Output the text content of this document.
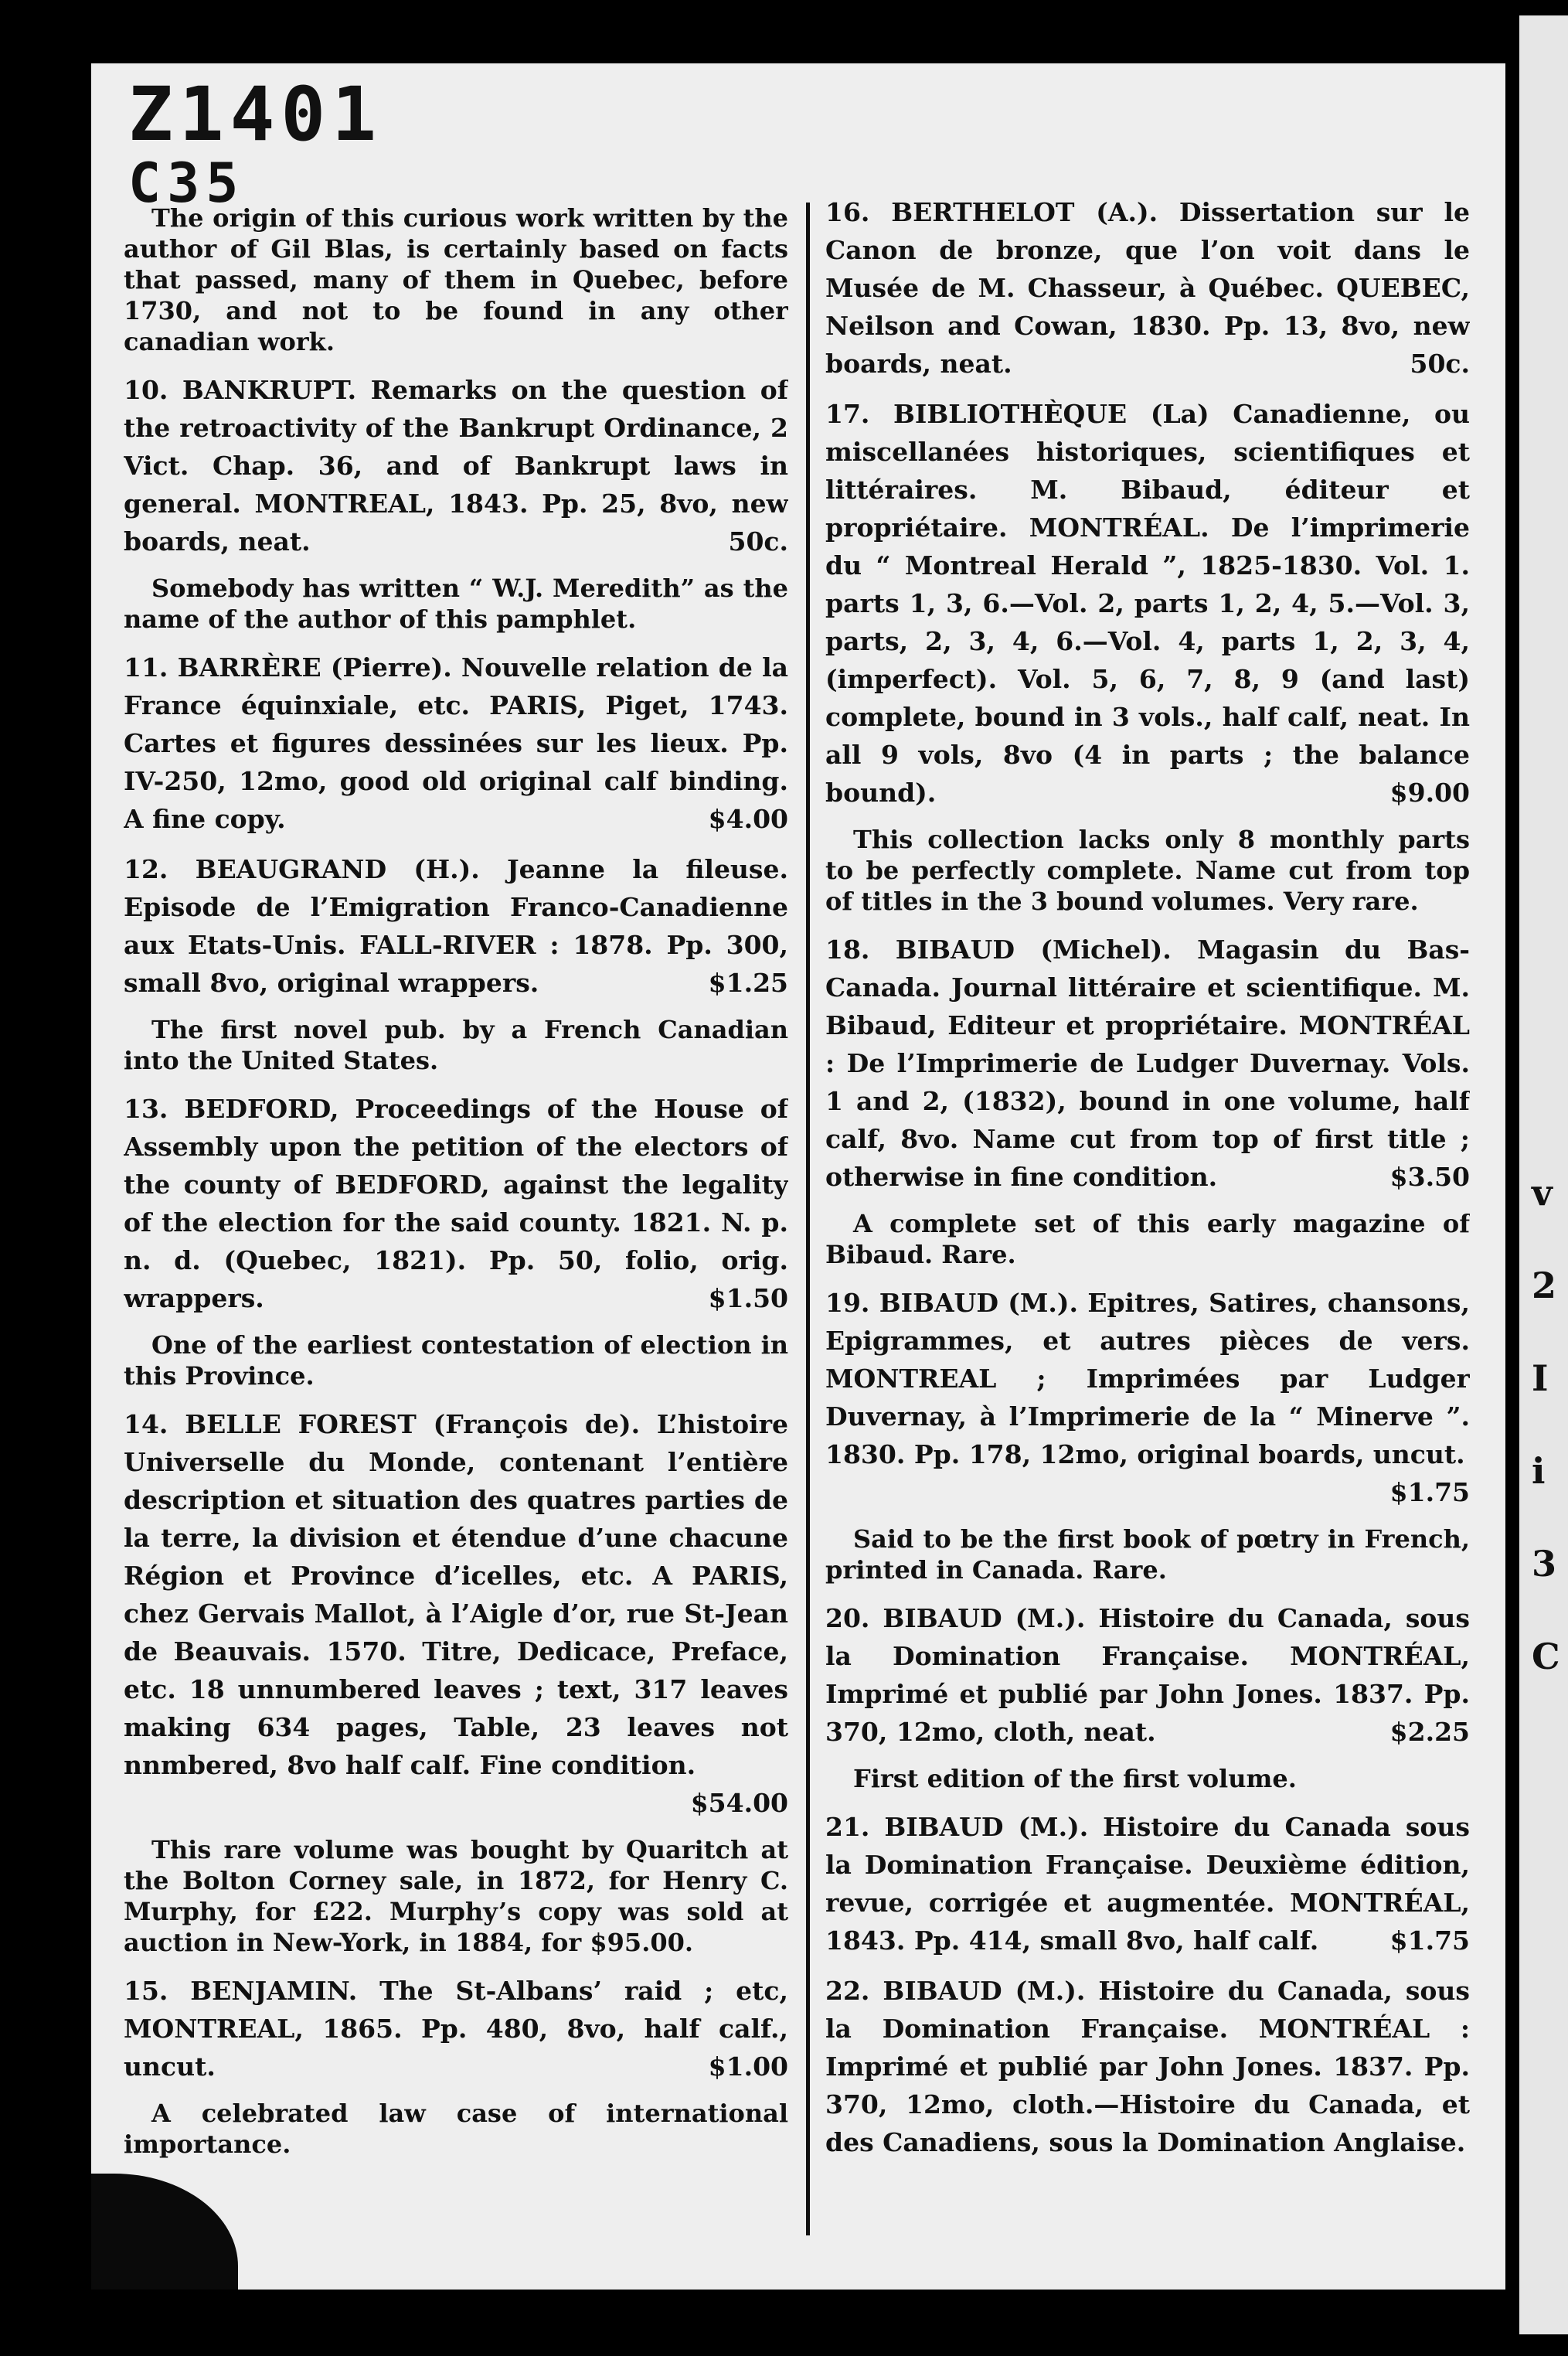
Z1401
C35
The origin of this curious work written by the author of Gil Blas, is certainly based on facts that passed, many of them in Quebec, before 1730, and not to be found in any other canadian work.
10. BANKRUPT. Remarks on the question of the retroactivity of the Bankrupt Ordinance, 2 Vict. Chap. 36, and of Bankrupt laws in general. MONTREAL, 1843. Pp. 25, 8vo, new boards, neat.	50c.
Somebody has written “ W.J. Meredith” as the name of the author of this pamphlet.
11. BARRÈRE (Pierre). Nouvelle relation de la France équinxiale, etc. PARIS, Piget, 1743. Cartes et figures dessinées sur les lieux. Pp. IV-250, 12mo, good old original calf binding. A fine copy.	$4.00
12. BEAUGRAND (H.). Jeanne la fileuse. Episode de l’Emigration Franco-Canadienne aux Etats-Unis. FALL-RIVER : 1878. Pp. 300, small 8vo, original wrappers.	$1.25
The first novel pub. by a French Canadian into the United States.
13. BEDFORD, Proceedings of the House of Assembly upon the petition of the electors of the county of BEDFORD, against the legality of the election for the said county. 1821. N. p. n. d. (Quebec, 1821). Pp. 50, folio, orig. wrappers.	$1.50
One of the earliest contestation of election in this Province.
14. BELLE FOREST (François de). L’histoire Universelle du Monde, contenant l’entière description et situation des quatres parties de la terre, la division et étendue d’une chacune Région et Province d’icelles, etc. A PARIS, chez Gervais Mallot, à l’Aigle d’or, rue St-Jean de Beauvais. 1570. Titre, Dedicace, Preface, etc. 18 unnumbered leaves ; text, 317 leaves making 634 pages, Table, 23 leaves not nnmbered, 8vo half calf. Fine condition.
$54.00
This rare volume was bought by Quaritch at the Bolton Corney sale, in 1872, for Henry C. Murphy, for £22. Murphy’s copy was sold at auction in New-York, in 1884, for $95.00.
15. BENJAMIN. The St-Albans’ raid ; etc, MONTREAL, 1865. Pp. 480, 8vo, half calf., uncut.	$1.00
A celebrated law case of international importance.
16. BERTHELOT (A.). Dissertation sur le Canon de bronze, que l’on voit dans le Musée de M. Chasseur, à Québec. QUEBEC, Neilson and Cowan, 1830. Pp. 13, 8vo, new boards, neat.	50c.
17. BIBLIOTHÈQUE (La) Canadienne, ou miscellanées historiques, scientifiques et littéraires. M. Bibaud, éditeur et propriétaire. MONTRÉAL. De l’imprimerie du “ Montreal Herald ”, 1825-1830. Vol. 1. parts 1, 3, 6.—Vol. 2, parts 1, 2, 4, 5.—Vol. 3, parts, 2, 3, 4, 6.—Vol. 4, parts 1, 2, 3, 4, (imperfect). Vol. 5, 6, 7, 8, 9 (and last) complete, bound in 3 vols., half calf, neat. In all 9 vols, 8vo (4 in parts ; the balance bound).	$9.00
This collection lacks only 8 monthly parts to be perfectly complete. Name cut from top of titles in the 3 bound volumes. Very rare.
18. BIBAUD (Michel). Magasin du Bas-Canada. Journal littéraire et scientifique. M. Bibaud, Editeur et propriétaire. MONTRÉAL : De l’Imprimerie de Ludger Duvernay. Vols. 1 and 2, (1832), bound in one volume, half calf, 8vo. Name cut from top of first title ; otherwise in fine condition.	$3.50
A complete set of this early magazine of Bibaud. Rare.
19. BIBAUD (M.). Epitres, Satires, chansons, Epigrammes, et autres pièces de vers. MONTREAL ; Imprimées par Ludger Duvernay, à l’Imprimerie de la “ Minerve ”. 1830. Pp. 178, 12mo, original boards, uncut.
$1.75
Said to be the first book of pœtry in French, printed in Canada. Rare.
20. BIBAUD (M.). Histoire du Canada, sous la Domination Française. MONTRÉAL, Imprimé et publié par John Jones. 1837. Pp. 370, 12mo, cloth, neat.	$2.25
First edition of the first volume.
21. BIBAUD (M.). Histoire du Canada sous la Domination Française. Deuxième édition, revue, corrigée et augmentée. MONTRÉAL, 1843. Pp. 414, small 8vo, half calf.	$1.75
22. BIBAUD (M.). Histoire du Canada, sous la Domination Française. MONTRÉAL : Imprimé et publié par John Jones. 1837. Pp. 370, 12mo, cloth.—Histoire du Canada, et des Canadiens, sous la Domination Anglaise.
v
2
I
i
3
C
